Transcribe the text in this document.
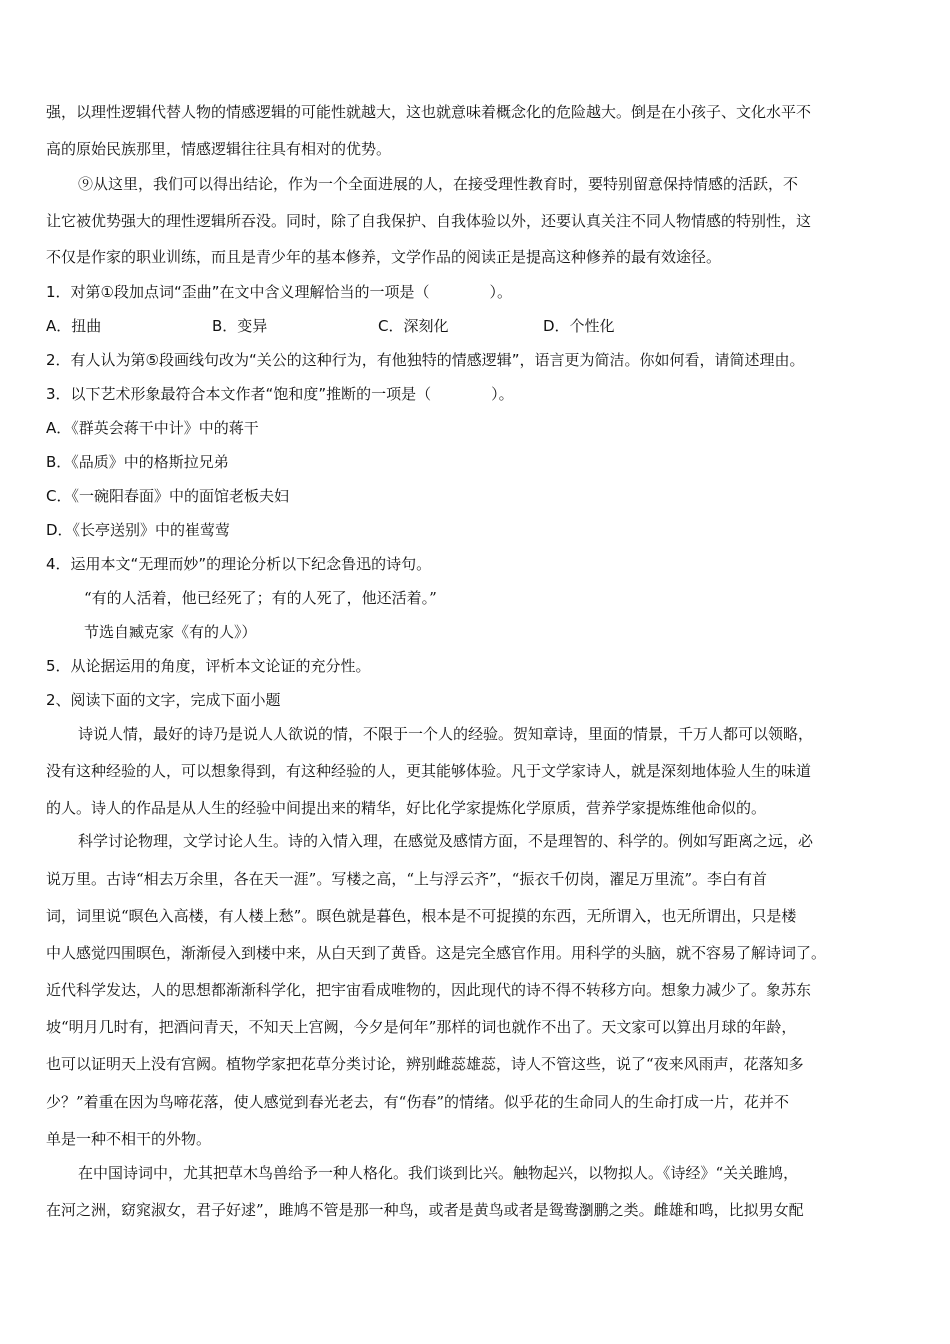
强，以理性逻辑代替人物的情感逻辑的可能性就越大，这也就意味着概念化的危险越大。倒是在小孩子、文化水平不
高的原始民族那里，情感逻辑往往具有相对的优势。
⑨从这里，我们可以得出结论，作为一个全面进展的人，在接受理性教育时，要特别留意保持情感的活跃，不
让它被优势强大的理性逻辑所吞没。同时，除了自我保护、自我体验以外，还要认真关注不同人物情感的特别性，这
不仅是作家的职业训练，而且是青少年的基本修养，文学作品的阅读正是提高这种修养的最有效途径。
1．对第①段加点词“歪曲”在文中含义理解恰当的一项是（　　　　）。
A．扭曲	B．变异	C．深刻化	D．个性化
2．有人认为第⑤段画线句改为“关公的这种行为，有他独特的情感逻辑”，语言更为简洁。你如何看，请简述理由。
3．以下艺术形象最符合本文作者“饱和度”推断的一项是（　　　　）。
A．《群英会蒋干中计》中的蒋干
B．《品质》中的格斯拉兄弟
C．《一碗阳春面》中的面馆老板夫妇
D．《长亭送别》中的崔莺莺
4．运用本文“无理而妙”的理论分析以下纪念鲁迅的诗句。
“有的人活着，他已经死了；有的人死了，他还活着。”
节选自臧克家《有的人》）
5．从论据运用的角度，评析本文论证的充分性。
2、阅读下面的文字，完成下面小题
诗说人情，最好的诗乃是说人人欲说的情，不限于一个人的经验。贺知章诗，里面的情景，千万人都可以领略，
没有这种经验的人，可以想象得到，有这种经验的人，更其能够体验。凡于文学家诗人，就是深刻地体验人生的味道
的人。诗人的作品是从人生的经验中间提出来的精华，好比化学家提炼化学原质，营养学家提炼维他命似的。
科学讨论物理，文学讨论人生。诗的入情入理，在感觉及感情方面，不是理智的、科学的。例如写距离之远，必
说万里。古诗“相去万余里，各在天一涯”。写楼之高，“上与浮云齐”，“振衣千仞岗，濯足万里流”。李白有首
词，词里说“暝色入高楼，有人楼上愁”。暝色就是暮色，根本是不可捉摸的东西，无所谓入，也无所谓出，只是楼
中人感觉四围暝色，渐渐侵入到楼中来，从白天到了黄昏。这是完全感官作用。用科学的头脑，就不容易了解诗词了。
近代科学发达，人的思想都渐渐科学化，把宇宙看成唯物的，因此现代的诗不得不转移方向。想象力减少了。象苏东
坡“明月几时有，把酒问青天，不知天上宫阙，今夕是何年”那样的词也就作不出了。天文家可以算出月球的年龄，
也可以证明天上没有宫阙。植物学家把花草分类讨论，辨别雌蕊雄蕊，诗人不管这些，说了“夜来风雨声，花落知多
少？”着重在因为鸟啼花落，使人感觉到春光老去，有“伤春”的情绪。似乎花的生命同人的生命打成一片，花并不
单是一种不相干的外物。
在中国诗词中，尤其把草木鸟兽给予一种人格化。我们谈到比兴。触物起兴，以物拟人。《诗经》“关关雎鸠，
在河之洲，窈窕淑女，君子好逑”，雎鸠不管是那一种鸟，或者是黄鸟或者是鸳鸯瀏鹏之类。雌雄和鸣，比拟男女配
